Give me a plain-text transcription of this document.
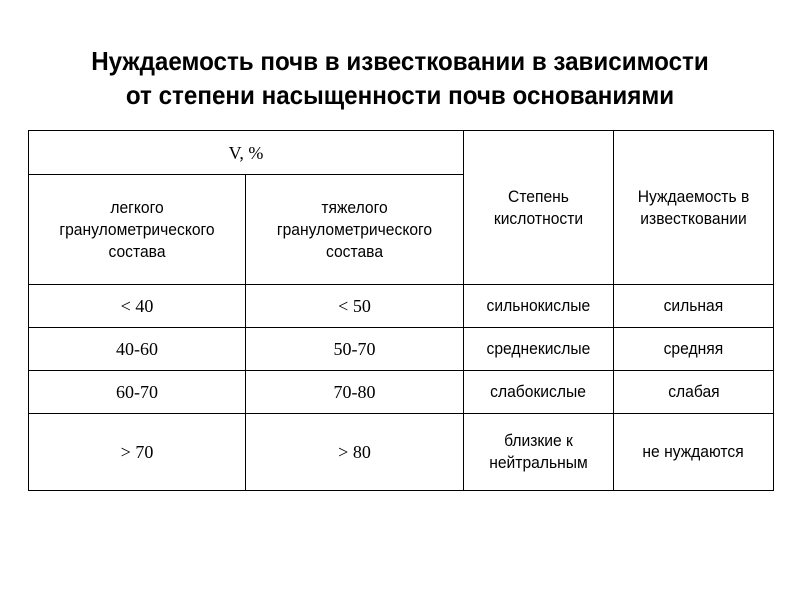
Нуждаемость почв в известковании в зависимости
от степени насыщенности почв основаниями
V, %		Степень кислотности	Нуждаемость в известковании
легкого гранулометрического состава	тяжелого гранулометрического состава		
< 40	< 50	сильнокислые	сильная
40-60	50-70	среднекислые	средняя
60-70	70-80	слабокислые	слабая
> 70	> 80	близкие к нейтральным	не нуждаются
